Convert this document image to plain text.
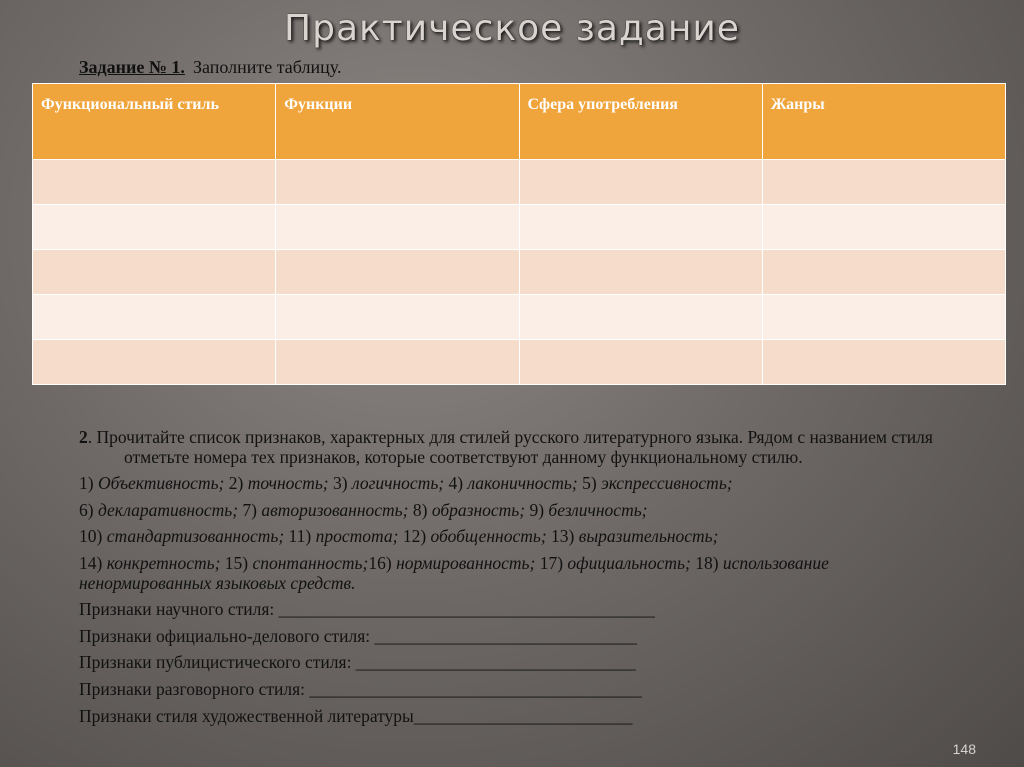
Практическое задание
Задание № 1. Заполните таблицу.
Функциональный стиль	Функции	Сфера употребления	Жанры

2. Прочитайте список признаков, характерных для стилей русского литературного языка. Рядом с названием стиля отметьте номера тех признаков, которые соответствуют данному функциональному стилю.

1) Объективность; 2) точность; 3) логичность; 4) лаконичность; 5) экспрессивность;

6) декларативность; 7) авторизованность; 8) образность; 9) безличность;

10) стандартизованность; 11) простота; 12) обобщенность; 13) выразительность;

14) конкретность; 15) спонтанность;16) нормированность; 17) официальность; 18) использование ненормированных языковых средств.

Признаки научного стиля: ___________________________________________

Признаки официально-делового стиля: ______________________________

Признаки публицистического стиля: ________________________________

Признаки разговорного стиля: ______________________________________

Признаки стиля художественной литературы_________________________

148
